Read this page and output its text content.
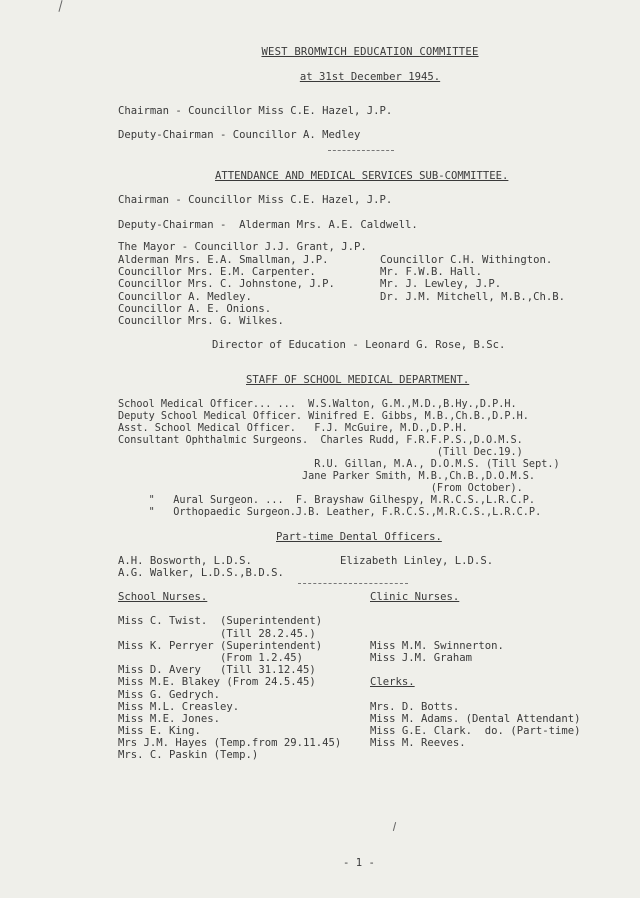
WEST BROMWICH EDUCATION COMMITTEE
at 31st December 1945.
Chairman - Councillor Miss C.E. Hazel, J.P.
Deputy-Chairman - Councillor A. Medley
ATTENDANCE AND MEDICAL SERVICES SUB-COMMITTEE.
Chairman - Councillor Miss C.E. Hazel, J.P.
Deputy-Chairman -  Alderman Mrs. A.E. Caldwell.
The Mayor - Councillor J.J. Grant, J.P.
Alderman Mrs. E.A. Smallman, J.P.
Councillor Mrs. E.M. Carpenter.
Councillor Mrs. C. Johnstone, J.P.
Councillor A. Medley.
Councillor A. E. Onions.
Councillor Mrs. G. Wilkes.
Councillor C.H. Withington.
Mr. F.W.B. Hall.
Mr. J. Lewley, J.P.
Dr. J.M. Mitchell, M.B.,Ch.B.
Director of Education - Leonard G. Rose, B.Sc.
STAFF OF SCHOOL MEDICAL DEPARTMENT.
School Medical Officer... ...  W.S.Walton, G.M.,M.D.,B.Hy.,D.P.H.
Deputy School Medical Officer. Winifred E. Gibbs, M.B.,Ch.B.,D.P.H.
Asst. School Medical Officer.   F.J. McGuire, M.D.,D.P.H.
Consultant Ophthalmic Surgeons.  Charles Rudd, F.R.F.P.S.,D.O.M.S.
(Till Dec.19.)
R.U. Gillan, M.A., D.O.M.S. (Till Sept.)
Jane Parker Smith, M.B.,Ch.B.,D.O.M.S.
(From October).
"   Aural Surgeon. ...  F. Brayshaw Gilhespy, M.R.C.S.,L.R.C.P.
"   Orthopaedic Surgeon.J.B. Leather, F.R.C.S.,M.R.C.S.,L.R.C.P.
Part-time Dental Officers.
A.H. Bosworth, L.D.S.
A.G. Walker, L.D.S.,B.D.S.
Elizabeth Linley, L.D.S.
School Nurses.
Miss C. Twist.  (Superintendent)
(Till 28.2.45.)
Miss K. Perryer (Superintendent)
(From 1.2.45)
Miss D. Avery   (Till 31.12.45)
Miss M.E. Blakey (From 24.5.45)
Miss G. Gedrych.
Miss M.L. Creasley.
Miss M.E. Jones.
Miss E. King.
Mrs J.M. Hayes (Temp.from 29.11.45)
Mrs. C. Paskin (Temp.)
Clinic Nurses.
Miss M.M. Swinnerton.
Miss J.M. Graham
Clerks.
Mrs. D. Botts.
Miss M. Adams. (Dental Attendant)
Miss G.E. Clark.  do. (Part-time)
Miss M. Reeves.
- 1 -
